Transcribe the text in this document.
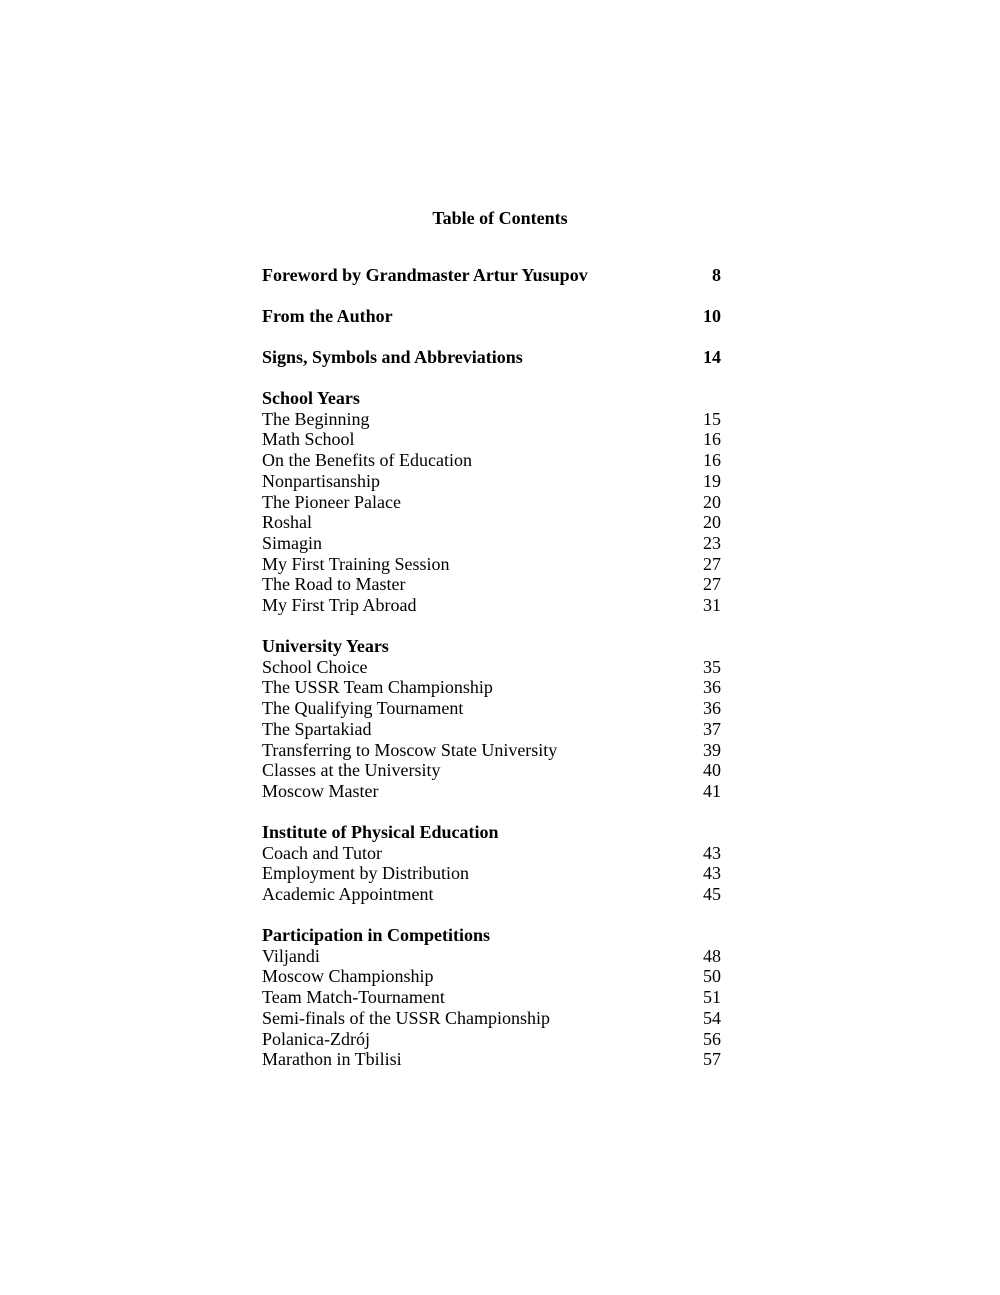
Table of Contents
Foreword by Grandmaster Artur Yusupov	8
From the Author	10
Signs, Symbols and Abbreviations	14
School Years
The Beginning	15
Math School	16
On the Benefits of Education	16
Nonpartisanship	19
The Pioneer Palace	20
Roshal	20
Simagin	23
My First Training Session	27
The Road to Master	27
My First Trip Abroad	31
University Years
School Choice	35
The USSR Team Championship	36
The Qualifying Tournament	36
The Spartakiad	37
Transferring to Moscow State University	39
Classes at the University	40
Moscow Master	41
Institute of Physical Education
Coach and Tutor	43
Employment by Distribution	43
Academic Appointment	45
Participation in Competitions
Viljandi	48
Moscow Championship	50
Team Match-Tournament	51
Semi-finals of the USSR Championship	54
Polanica-Zdrój	56
Marathon in Tbilisi	57
